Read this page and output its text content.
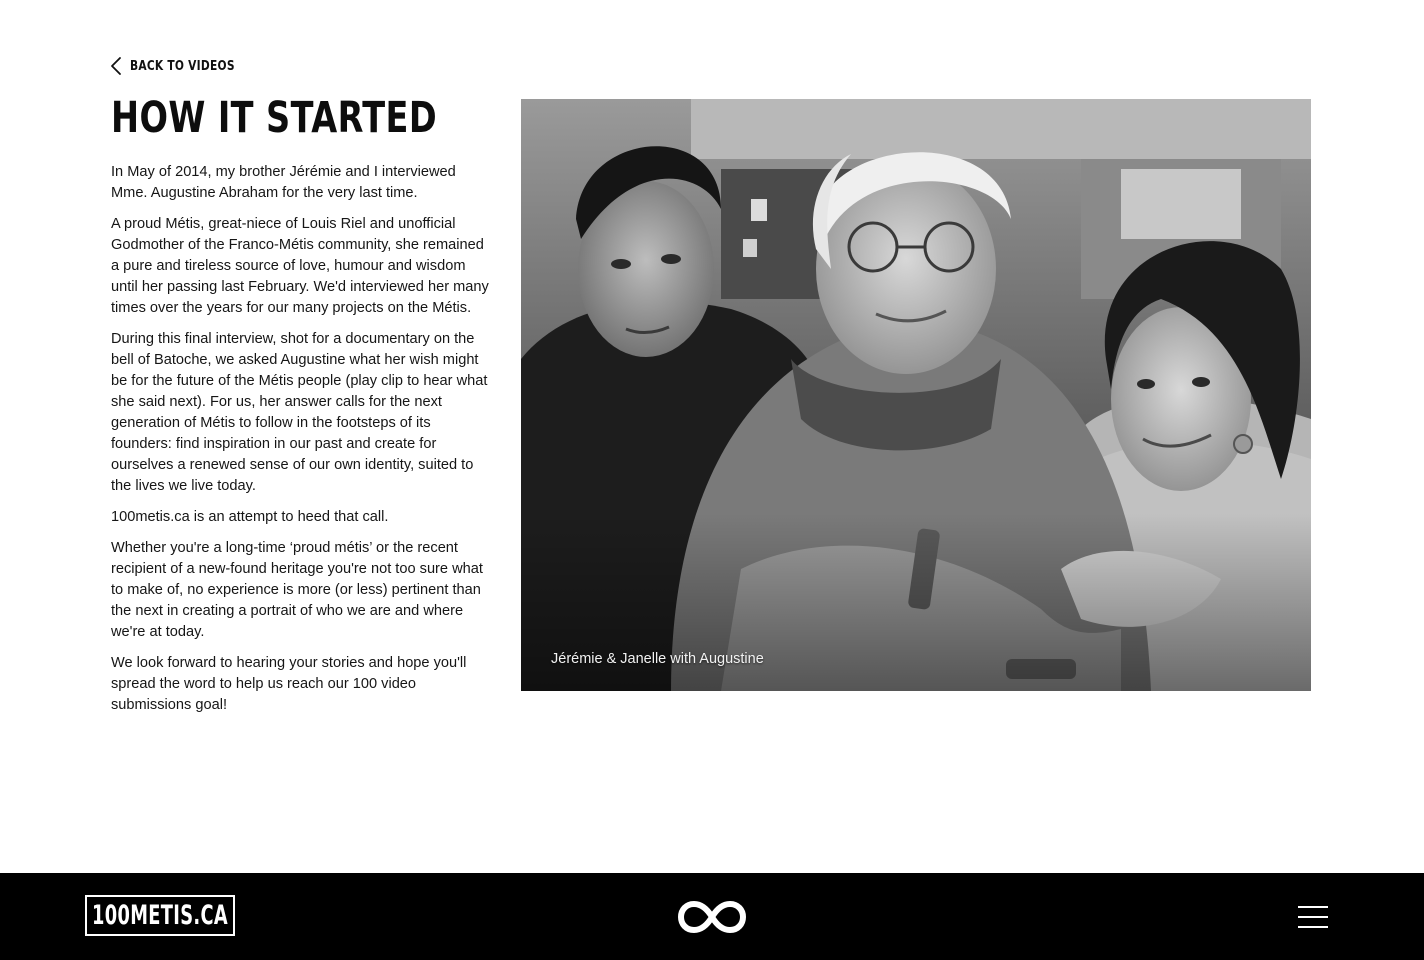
BACK TO VIDEOS
HOW IT STARTED

In May of 2014, my brother Jérémie and I interviewed Mme. Augustine Abraham for the very last time.

A proud Métis, great-niece of Louis Riel and unofficial Godmother of the Franco-Métis community, she remained a pure and tireless source of love, humour and wisdom until her passing last February. We'd interviewed her many times over the years for our many projects on the Métis.

During this final interview, shot for a documentary on the bell of Batoche, we asked Augustine what her wish might be for the future of the Métis people (play clip to hear what she said next). For us, her answer calls for the next generation of Métis to follow in the footsteps of its founders: find inspiration in our past and create for ourselves a renewed sense of our own identity, suited to the lives we live today.

100metis.ca is an attempt to heed that call.

Whether you're a long-time ‘proud métis’ or the recent recipient of a new-found heritage you're not too sure what to make of, no experience is more (or less) pertinent than the next in creating a portrait of who we are and where we're at today.

We look forward to hearing your stories and hope you'll spread the word to help us reach our 100 video submissions goal!

Jérémie & Janelle with Augustine
100METIS.CA
